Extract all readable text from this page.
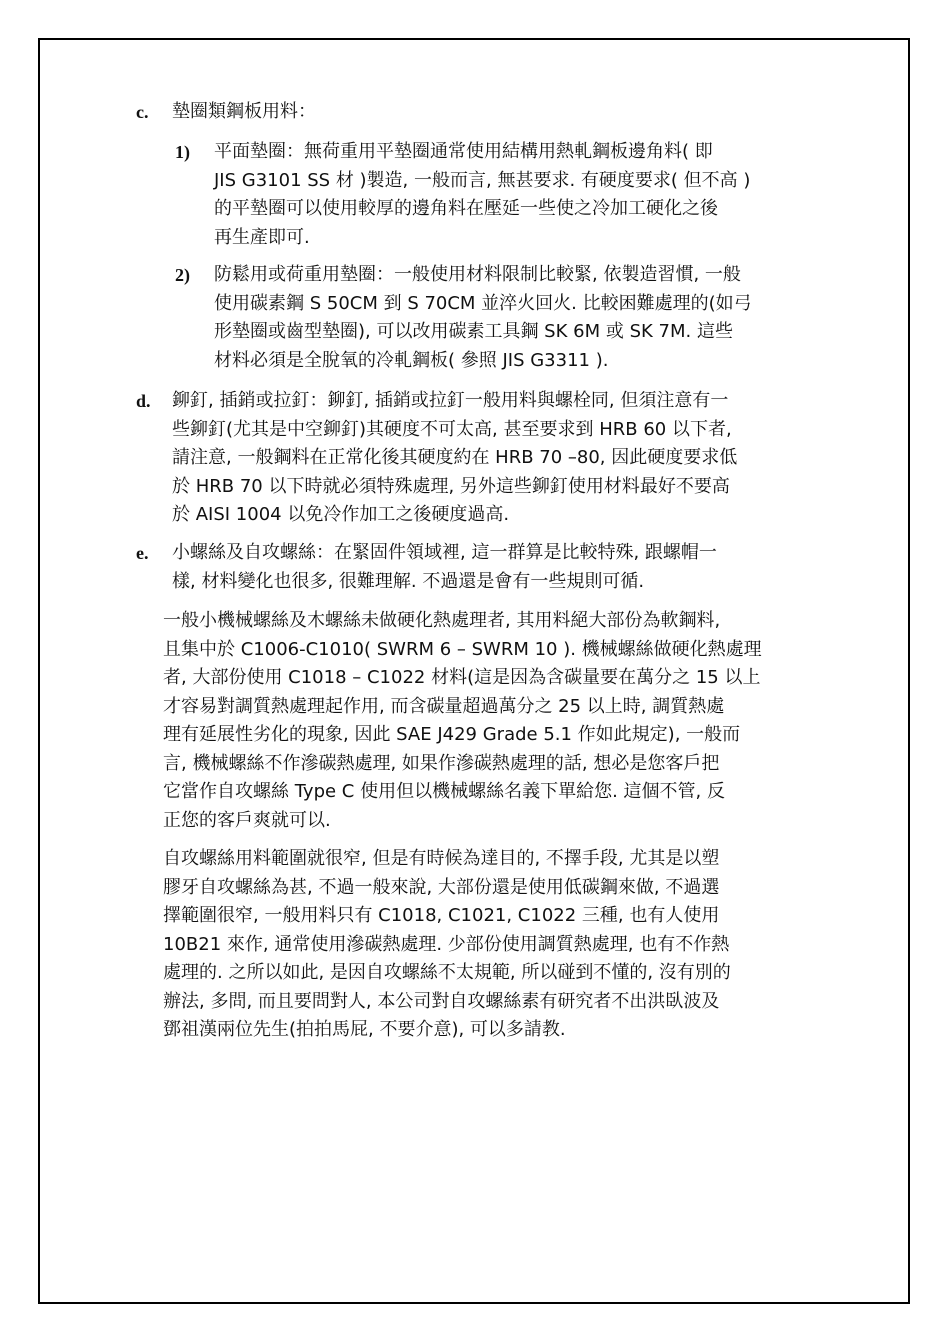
c. 墊圈類鋼板用料：
1) 平面墊圈：無荷重用平墊圈通常使用結構用熱軋鋼板邊角料( 即
JIS G3101 SS 材 )製造, 一般而言, 無甚要求. 有硬度要求( 但不高 )
的平墊圈可以使用較厚的邊角料在壓延一些使之冷加工硬化之後
再生產即可.
2) 防鬆用或荷重用墊圈：一般使用材料限制比較緊, 依製造習慣, 一般
使用碳素鋼 S 50CM 到 S 70CM 並淬火回火. 比較困難處理的(如弓
形墊圈或齒型墊圈), 可以改用碳素工具鋼 SK 6M 或 SK 7M. 這些
材料必須是全脫氧的冷軋鋼板( 參照 JIS G3311 ).
d. 鉚釘, 插銷或拉釘：鉚釘, 插銷或拉釘一般用料與螺栓同, 但須注意有一
些鉚釘(尤其是中空鉚釘)其硬度不可太高, 甚至要求到 HRB 60 以下者,
請注意, 一般鋼料在正常化後其硬度約在 HRB 70 –80, 因此硬度要求低
於 HRB 70 以下時就必須特殊處理, 另外這些鉚釘使用材料最好不要高
於 AISI 1004 以免冷作加工之後硬度過高.
e. 小螺絲及自攻螺絲：在緊固件領域裡, 這一群算是比較特殊, 跟螺帽一
樣, 材料變化也很多, 很難理解. 不過還是會有一些規則可循.
一般小機械螺絲及木螺絲未做硬化熱處理者, 其用料絕大部份為軟鋼料,
且集中於 C1006-C1010( SWRM 6 – SWRM 10 ). 機械螺絲做硬化熱處理
者, 大部份使用 C1018 – C1022 材料(這是因為含碳量要在萬分之 15 以上
才容易對調質熱處理起作用, 而含碳量超過萬分之 25 以上時, 調質熱處
理有延展性劣化的現象, 因此 SAE J429 Grade 5.1 作如此規定), 一般而
言, 機械螺絲不作滲碳熱處理, 如果作滲碳熱處理的話, 想必是您客戶把
它當作自攻螺絲 Type C 使用但以機械螺絲名義下單給您. 這個不管, 反
正您的客戶爽就可以.
自攻螺絲用料範圍就很窄, 但是有時候為達目的, 不擇手段, 尤其是以塑
膠牙自攻螺絲為甚, 不過一般來說, 大部份還是使用低碳鋼來做, 不過選
擇範圍很窄, 一般用料只有 C1018, C1021, C1022 三種, 也有人使用
10B21 來作, 通常使用滲碳熱處理. 少部份使用調質熱處理, 也有不作熱
處理的. 之所以如此, 是因自攻螺絲不太規範, 所以碰到不懂的, 沒有別的
辦法, 多問, 而且要問對人, 本公司對自攻螺絲素有研究者不出洪臥波及
鄧祖漢兩位先生(拍拍馬屁, 不要介意), 可以多請教.
